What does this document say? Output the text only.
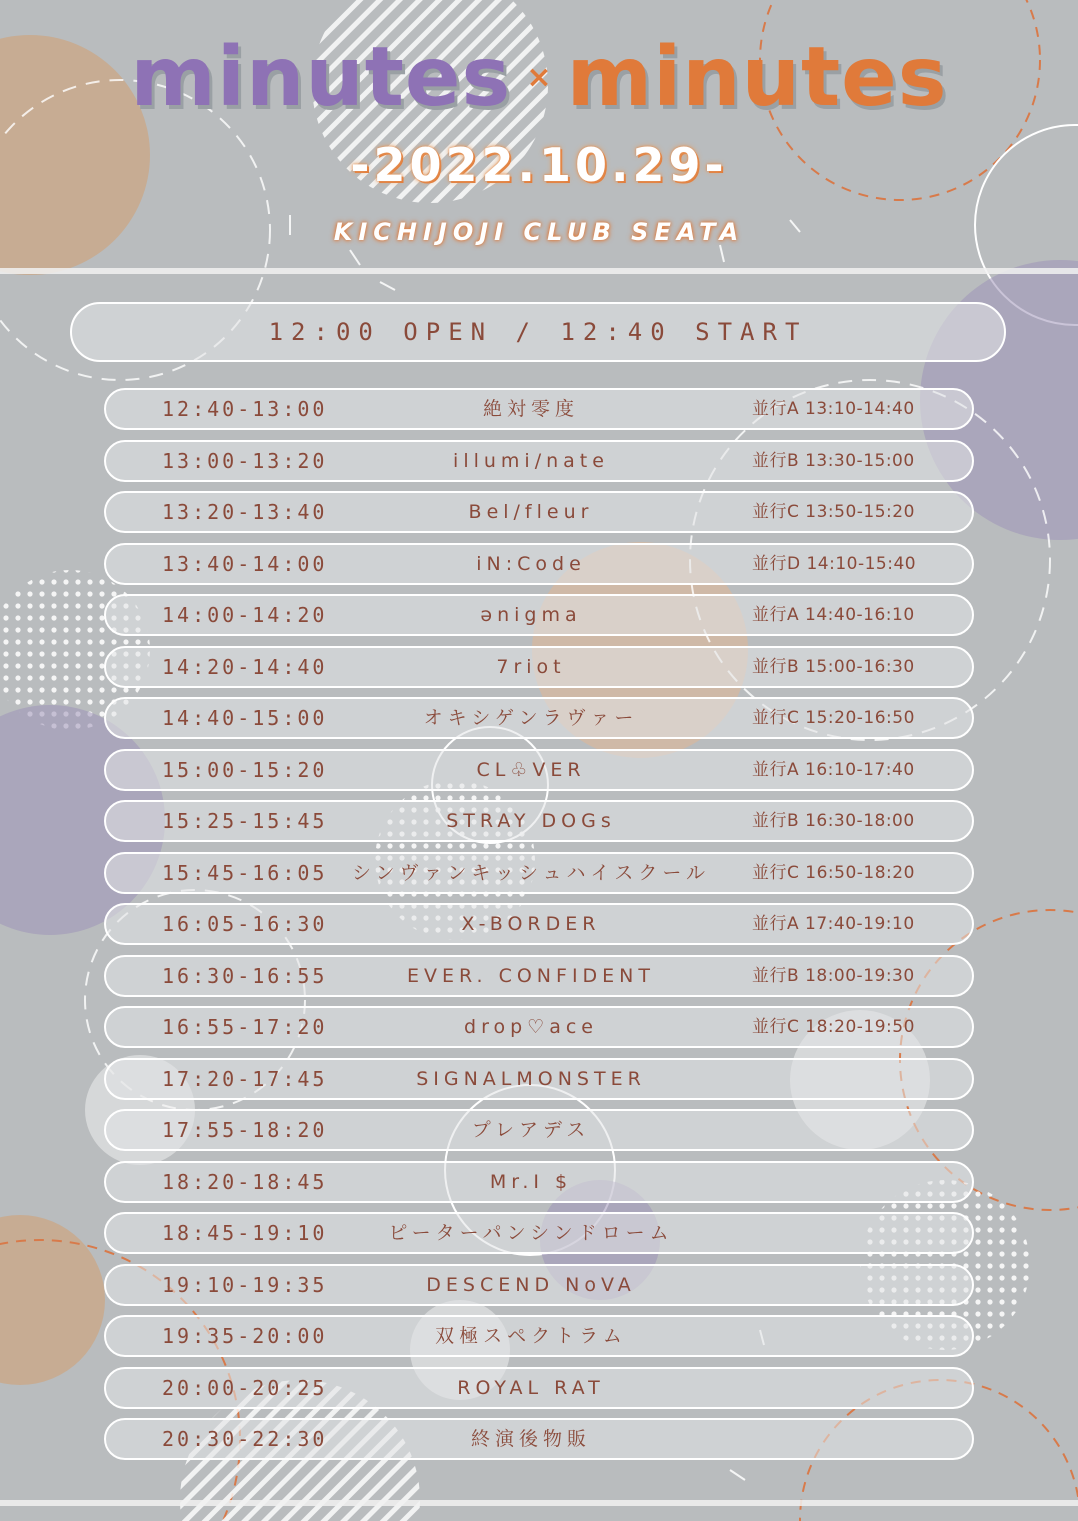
minutes × minutes
-2022.10.29-
KICHIJOJI CLUB SEATA
12:00 OPEN / 12:40 START
12:40-13:00	絶対零度	並行A 13:10-14:40
13:00-13:20	illumi/nate	並行B 13:30-15:00
13:20-13:40	Bel/fleur	並行C 13:50-15:20
13:40-14:00	iN:Code	並行D 14:10-15:40
14:00-14:20	ənigma	並行A 14:40-16:10
14:20-14:40	7riot	並行B 15:00-16:30
14:40-15:00	オキシゲンラヴァー	並行C 15:20-16:50
15:00-15:20	CL♧VER	並行A 16:10-17:40
15:25-15:45	STRAY DOGs	並行B 16:30-18:00
15:45-16:05	シンヴァンキッシュハイスクール	並行C 16:50-18:20
16:05-16:30	X-BORDER	並行A 17:40-19:10
16:30-16:55	EVER. CONFIDENT	並行B 18:00-19:30
16:55-17:20	drop♡ace	並行C 18:20-19:50
17:20-17:45	SIGNALMONSTER
17:55-18:20	プレアデス
18:20-18:45	Mr.I $
18:45-19:10	ピーターパンシンドローム
19:10-19:35	DESCEND NoVA
19:35-20:00	双極スペクトラム
20:00-20:25	ROYAL RAT
20:30-22:30	終演後物販
